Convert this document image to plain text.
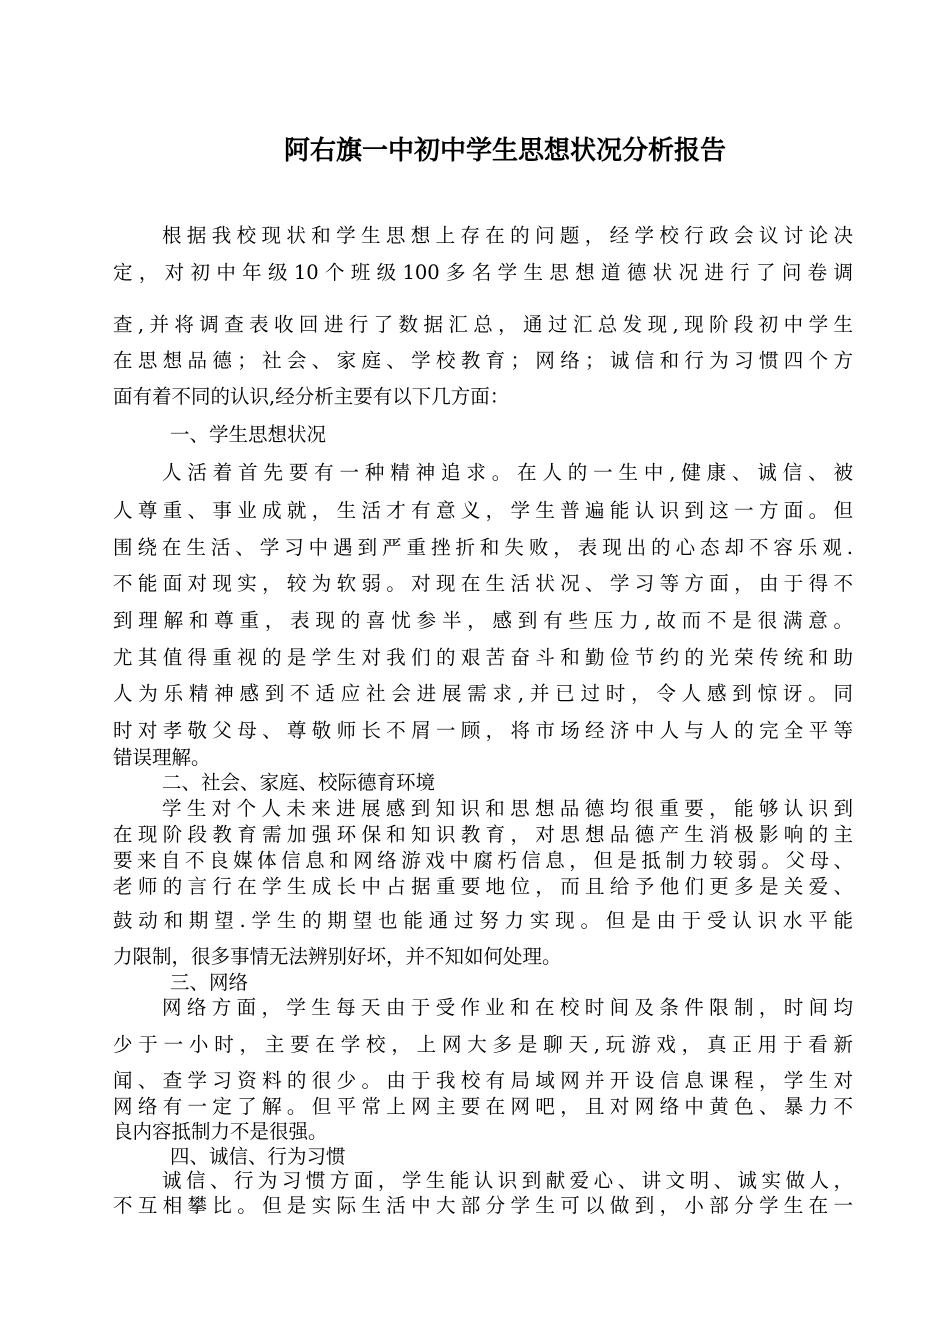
阿右旗一中初中学生思想状况分析报告
根据我校现状和学生思想上存在的问题，经学校行政会议讨论决
定，对初中年级10个班级100多名学生思想道德状况进行了问卷调
查,并将调查表收回进行了数据汇总，通过汇总发现,现阶段初中学生
在思想品德；社会、家庭、学校教育；网络；诚信和行为习惯四个方
面有着不同的认识,经分析主要有以下几方面：
一、学生思想状况
人活着首先要有一种精神追求。在人的一生中,健康、诚信、被
人尊重、事业成就，生活才有意义，学生普遍能认识到这一方面。但
围绕在生活、学习中遇到严重挫折和失败，表现出的心态却不容乐观.
不能面对现实，较为软弱。对现在生活状况、学习等方面，由于得不
到理解和尊重，表现的喜忧参半，感到有些压力,故而不是很满意。
尤其值得重视的是学生对我们的艰苦奋斗和勤俭节约的光荣传统和助
人为乐精神感到不适应社会进展需求,并已过时，令人感到惊讶。同
时对孝敬父母、尊敬师长不屑一顾，将市场经济中人与人的完全平等
错误理解。
二、社会、家庭、校际德育环境
学生对个人未来进展感到知识和思想品德均很重要，能够认识到
在现阶段教育需加强环保和知识教育，对思想品德产生消极影响的主
要来自不良媒体信息和网络游戏中腐朽信息，但是抵制力较弱。父母、
老师的言行在学生成长中占据重要地位，而且给予他们更多是关爱、
鼓动和期望.学生的期望也能通过努力实现。但是由于受认识水平能
力限制，很多事情无法辨别好坏，并不知如何处理。
三、网络
网络方面，学生每天由于受作业和在校时间及条件限制，时间均
少于一小时，主要在学校，上网大多是聊天,玩游戏，真正用于看新
闻、查学习资料的很少。由于我校有局域网并开设信息课程，学生对
网络有一定了解。但平常上网主要在网吧，且对网络中黄色、暴力不
良内容抵制力不是很强。
四、诚信、行为习惯
诚信、行为习惯方面，学生能认识到献爱心、讲文明、诚实做人，
不互相攀比。但是实际生活中大部分学生可以做到，小部分学生在一
